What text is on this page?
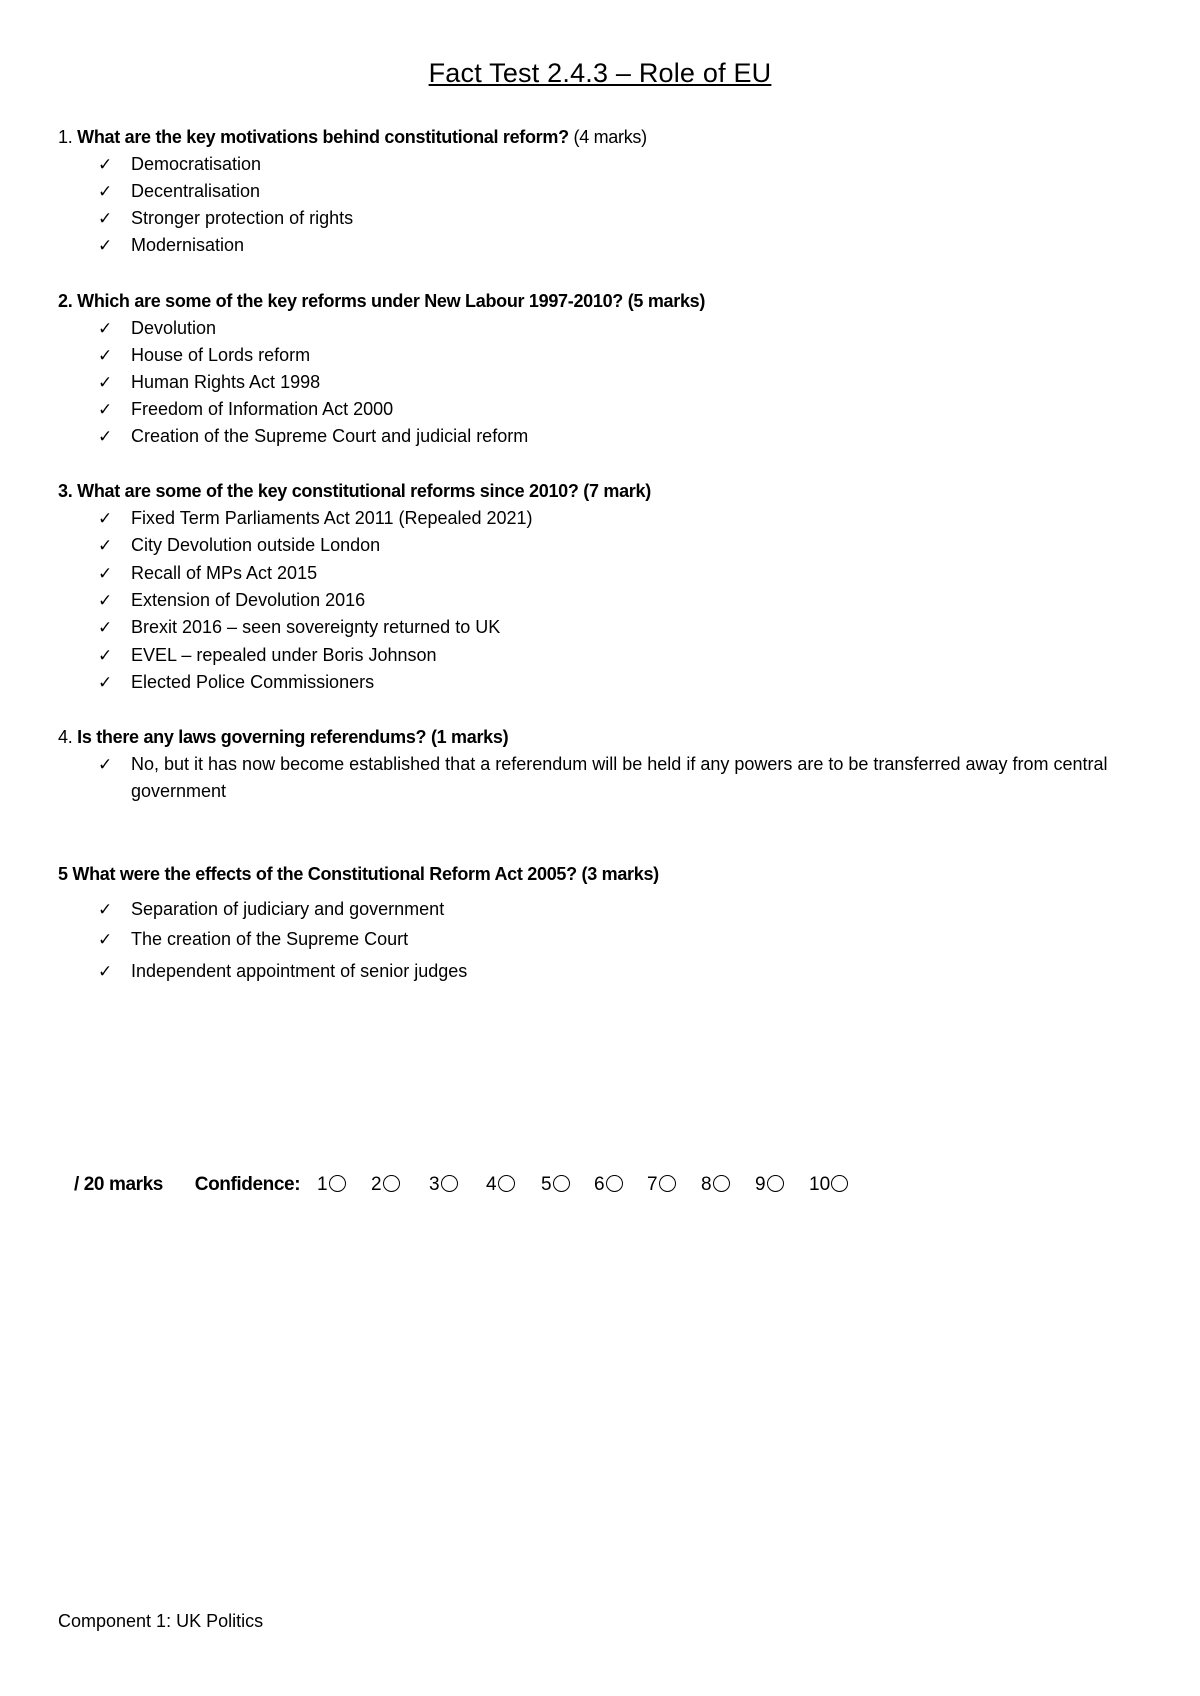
Fact Test 2.4.3 – Role of EU
1. What are the key motivations behind constitutional reform? (4 marks)
✓	Democratisation
✓	Decentralisation
✓	Stronger protection of rights
✓	Modernisation
2. Which are some of the key reforms under New Labour 1997-2010? (5 marks)
✓	Devolution
✓	House of Lords reform
✓	Human Rights Act 1998
✓	Freedom of Information Act 2000
✓	Creation of the Supreme Court and judicial reform
3. What are some of the key constitutional reforms since 2010? (7 mark)
✓	Fixed Term Parliaments Act 2011 (Repealed 2021)
✓	City Devolution outside London
✓	Recall of MPs Act 2015
✓	Extension of Devolution 2016
✓	Brexit 2016 – seen sovereignty returned to UK
✓	EVEL – repealed under Boris Johnson
✓	Elected Police Commissioners
4. Is there any laws governing referendums? (1 marks)
✓	No, but it has now become established that a referendum will be held if any powers are to be transferred away from central government
5 What were the effects of the Constitutional Reform Act 2005? (3 marks)
✓	Separation of judiciary and government
✓	The creation of the Supreme Court
✓	Independent appointment of senior judges
/ 20 marks Confidence: 1	2	3	4	5	6	7	8	9	10
Component 1: UK Politics
